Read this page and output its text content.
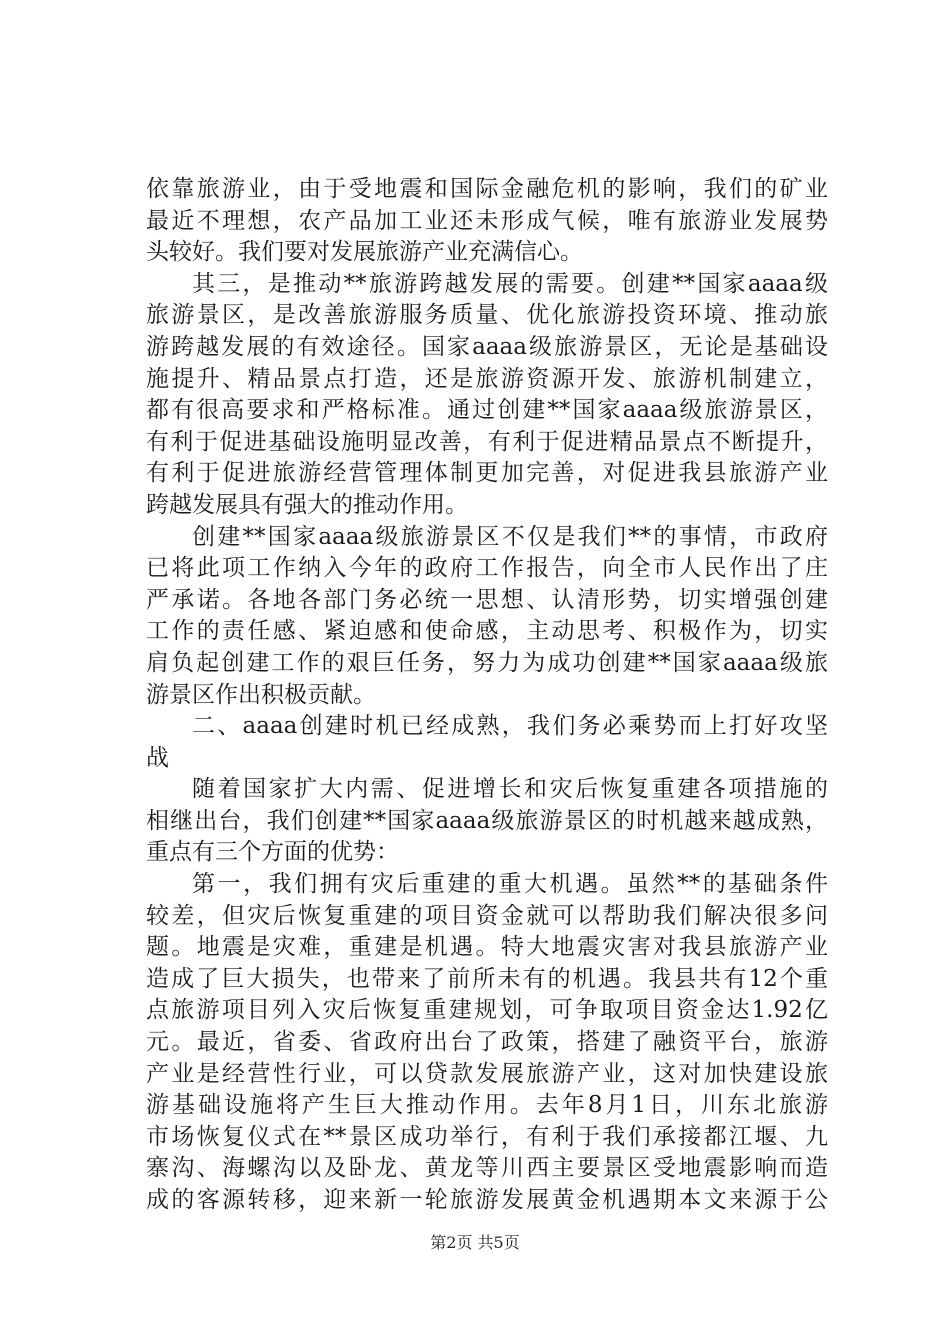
依靠旅游业，由于受地震和国际金融危机的影响，我们的矿业
最近不理想，农产品加工业还未形成气候，唯有旅游业发展势
头较好。我们要对发展旅游产业充满信心。
其三，是推动**旅游跨越发展的需要。创建**国家aaaa级
旅游景区，是改善旅游服务质量、优化旅游投资环境、推动旅
游跨越发展的有效途径。国家aaaa级旅游景区，无论是基础设
施提升、精品景点打造，还是旅游资源开发、旅游机制建立，
都有很高要求和严格标准。通过创建**国家aaaa级旅游景区，
有利于促进基础设施明显改善，有利于促进精品景点不断提升，
有利于促进旅游经营管理体制更加完善，对促进我县旅游产业
跨越发展具有强大的推动作用。
创建**国家aaaa级旅游景区不仅是我们**的事情，市政府
已将此项工作纳入今年的政府工作报告，向全市人民作出了庄
严承诺。各地各部门务必统一思想、认清形势，切实增强创建
工作的责任感、紧迫感和使命感，主动思考、积极作为，切实
肩负起创建工作的艰巨任务，努力为成功创建**国家aaaa级旅
游景区作出积极贡献。
二、aaaa创建时机已经成熟，我们务必乘势而上打好攻坚
战
随着国家扩大内需、促进增长和灾后恢复重建各项措施的
相继出台，我们创建**国家aaaa级旅游景区的时机越来越成熟，
重点有三个方面的优势：
第一，我们拥有灾后重建的重大机遇。虽然**的基础条件
较差，但灾后恢复重建的项目资金就可以帮助我们解决很多问
题。地震是灾难，重建是机遇。特大地震灾害对我县旅游产业
造成了巨大损失，也带来了前所未有的机遇。我县共有12个重
点旅游项目列入灾后恢复重建规划，可争取项目资金达1.92亿
元。最近，省委、省政府出台了政策，搭建了融资平台，旅游
产业是经营性行业，可以贷款发展旅游产业，这对加快建设旅
游基础设施将产生巨大推动作用。去年8月1日，川东北旅游
市场恢复仪式在**景区成功举行，有利于我们承接都江堰、九
寨沟、海螺沟以及卧龙、黄龙等川西主要景区受地震影响而造
成的客源转移，迎来新一轮旅游发展黄金机遇期本文来源于公
第2页 共5页
